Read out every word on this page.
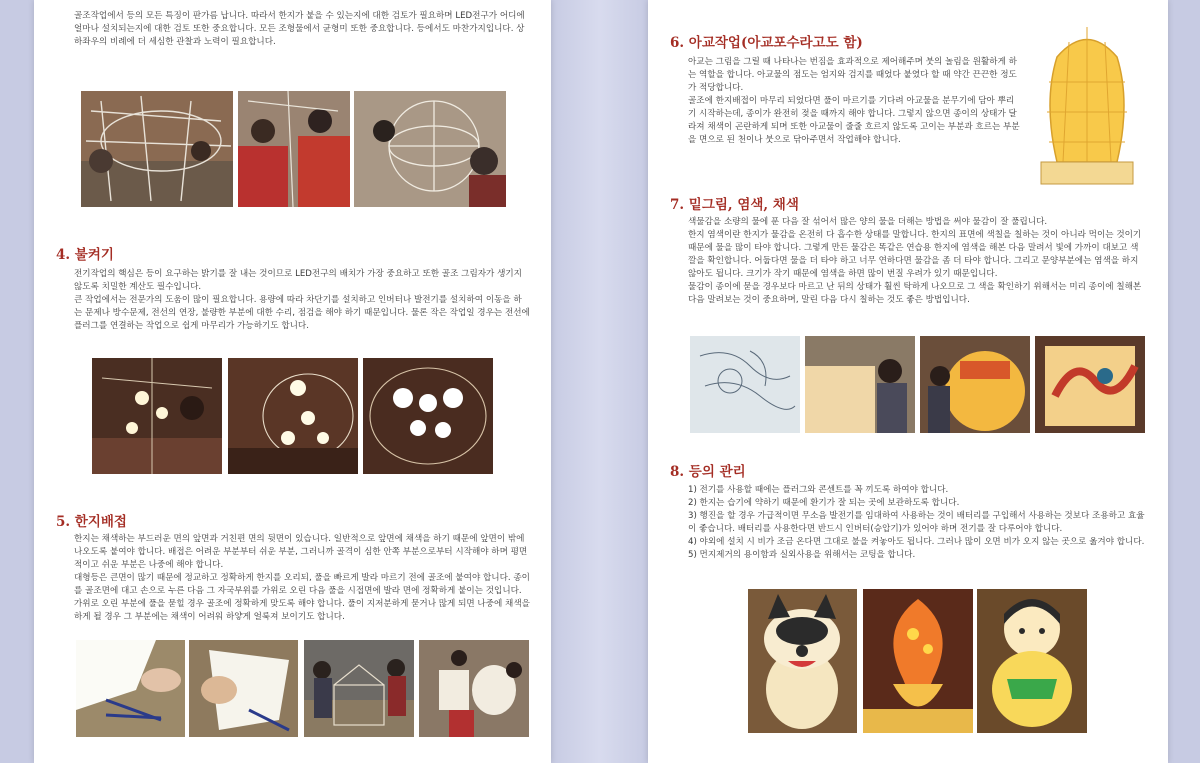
골조작업에서 등의 모든 특징이 판가름 납니다. 따라서 한지가 붙을 수 있는지에 대한 검토가 필요하며 LED전구가 어디에 얼마나 설치되는지에 대한 검토 또한 중요합니다. 모든 조형물에서 균형미 또한 중요합니다. 등에서도 마찬가지입니다. 상하좌우의 비례에 더 세심한 관찰과 노력이 필요합니다.

4. 불켜기

전기작업의 핵심은 등이 요구하는 밝기를 잘 내는 것이므로 LED전구의 배치가 가장 중요하고 또한 골조 그림자가 생기지 않도록 치밀한 계산도 필수입니다.

큰 작업에서는 전문가의 도움이 많이 필요합니다. 용량에 따라 차단기를 설치하고 인버터나 발전기를 설치하여 이동을 하는 문제나 방수문제, 전선의 연장, 불량한 부분에 대한 수리, 점검을 해야 하기 때문입니다. 물론 작은 작업일 경우는 전선에 플러그를 연결하는 작업으로 쉽게 마무리가 가능하기도 합니다.

5. 한지배접

한지는 채색하는 부드러운 면의 앞면과 거친편 면의 뒷면이 있습니다. 일반적으로 앞면에 채색을 하기 때문에 앞면이 밖에 나오도록 붙여야 합니다. 배접은 어려운 부분부터 쉬운 부분, 그러니까 골격이 심한 안쪽 부분으로부터 시작해야 하며 평면적이고 쉬운 부분은 나중에 해야 합니다.

대형등은 큰면이 많기 때문에 정교하고 정확하게 한지를 오리되, 풀을 빠르게 발라 마르기 전에 골조에 붙여야 합니다. 종이를 골조면에 대고 손으로 누른 다음 그 자국부위를 가위로 오린 다음 풀을 시접면에 발라 면에 정확하게 붙이는 것입니다. 가위로 오린 부분에 풀을 묻힐 경우 골조에 정확하게 맞도록 해야 합니다. 풀이 지저분하게 묻거나 많게 되면 나중에 채색을 하게 될 경우 그 부분에는 채색이 어려워 하얗게 얼룩져 보이기도 합니다.

6. 아교작업(아교포수라고도 함)

아교는 그림을 그릴 때 나타나는 번짐을 효과적으로 제어해주며 붓의 놀림을 원활하게 하는 역할을 합니다. 아교물의 점도는 엄지와 검지를 때었다 붙였다 할 때 약간 끈끈한 정도가 적당합니다.

골조에 한지배접이 마무리 되었다면 풀이 마르기를 기다려 아교물을 분무기에 담아 뿌리기 시작하는데, 종이가 완전히 젖을 때까지 해야 합니다. 그렇지 않으면 종이의 상태가 달라져 채색이 곤란하게 되며 또한 아교물이 줄줄 흐르지 않도록 고이는 부분과 흐르는 부분을 면으로 된 천이나 붓으로 닦아주면서 작업해야 합니다.

7. 밑그림, 염색, 채색

색물감을 소량의 물에 푼 다음 잘 섞어서 많은 양의 물을 더해는 방법을 써야 물감이 잘 풀립니다.

한지 염색이란 한지가 물감을 온전히 다 흡수한 상태를 말합니다. 한지의 표면에 색칠을 칠하는 것이 아니라 먹이는 것이기 때문에 물을 많이 타야 합니다. 그렇게 만든 물감은 똑같은 연습용 한지에 염색을 해본 다음 말려서 빛에 가까이 대보고 색깔을 확인합니다. 어둡다면 물을 더 타야 하고 너무 연하다면 물감을 좀 더 타야 합니다. 그리고 문양부분에는 염색을 하지 않아도 됩니다. 크기가 작기 때문에 염색을 하면 많이 번질 우려가 있기 때문입니다.

물감이 종이에 묻을 경우보다 마르고 난 뒤의 상태가 훨씬 탁하게 나오므로 그 색을 확인하기 위해서는 미리 종이에 칠해본 다음 말려보는 것이 중요하며, 말린 다음 다시 칠하는 것도 좋은 방법입니다.

8. 등의 관리

1) 전기를 사용할 때에는 플러그와 콘센트를 꼭 끼도록 하여야 합니다.

2) 한지는 습기에 약하기 때문에 환기가 잘 되는 곳에 보관하도록 합니다.

3) 행진을 할 경우 가급적이면 무소음 발전기를 임대하여 사용하는 것이 배터리를 구입해서 사용하는 것보다 조용하고 효율이 좋습니다. 배터리를 사용한다면 반드시 인버터(승압기)가 있어야 하며 전기를 잘 다루어야 합니다.

4) 야외에 설치 시 비가 조금 온다면 그대로 불을 켜놓아도 됩니다. 그러나 많이 오면 비가 오지 않는 곳으로 옮겨야 합니다.

5) 먼지제거의 용이함과 실외사용을 위해서는 코팅을 합니다.
